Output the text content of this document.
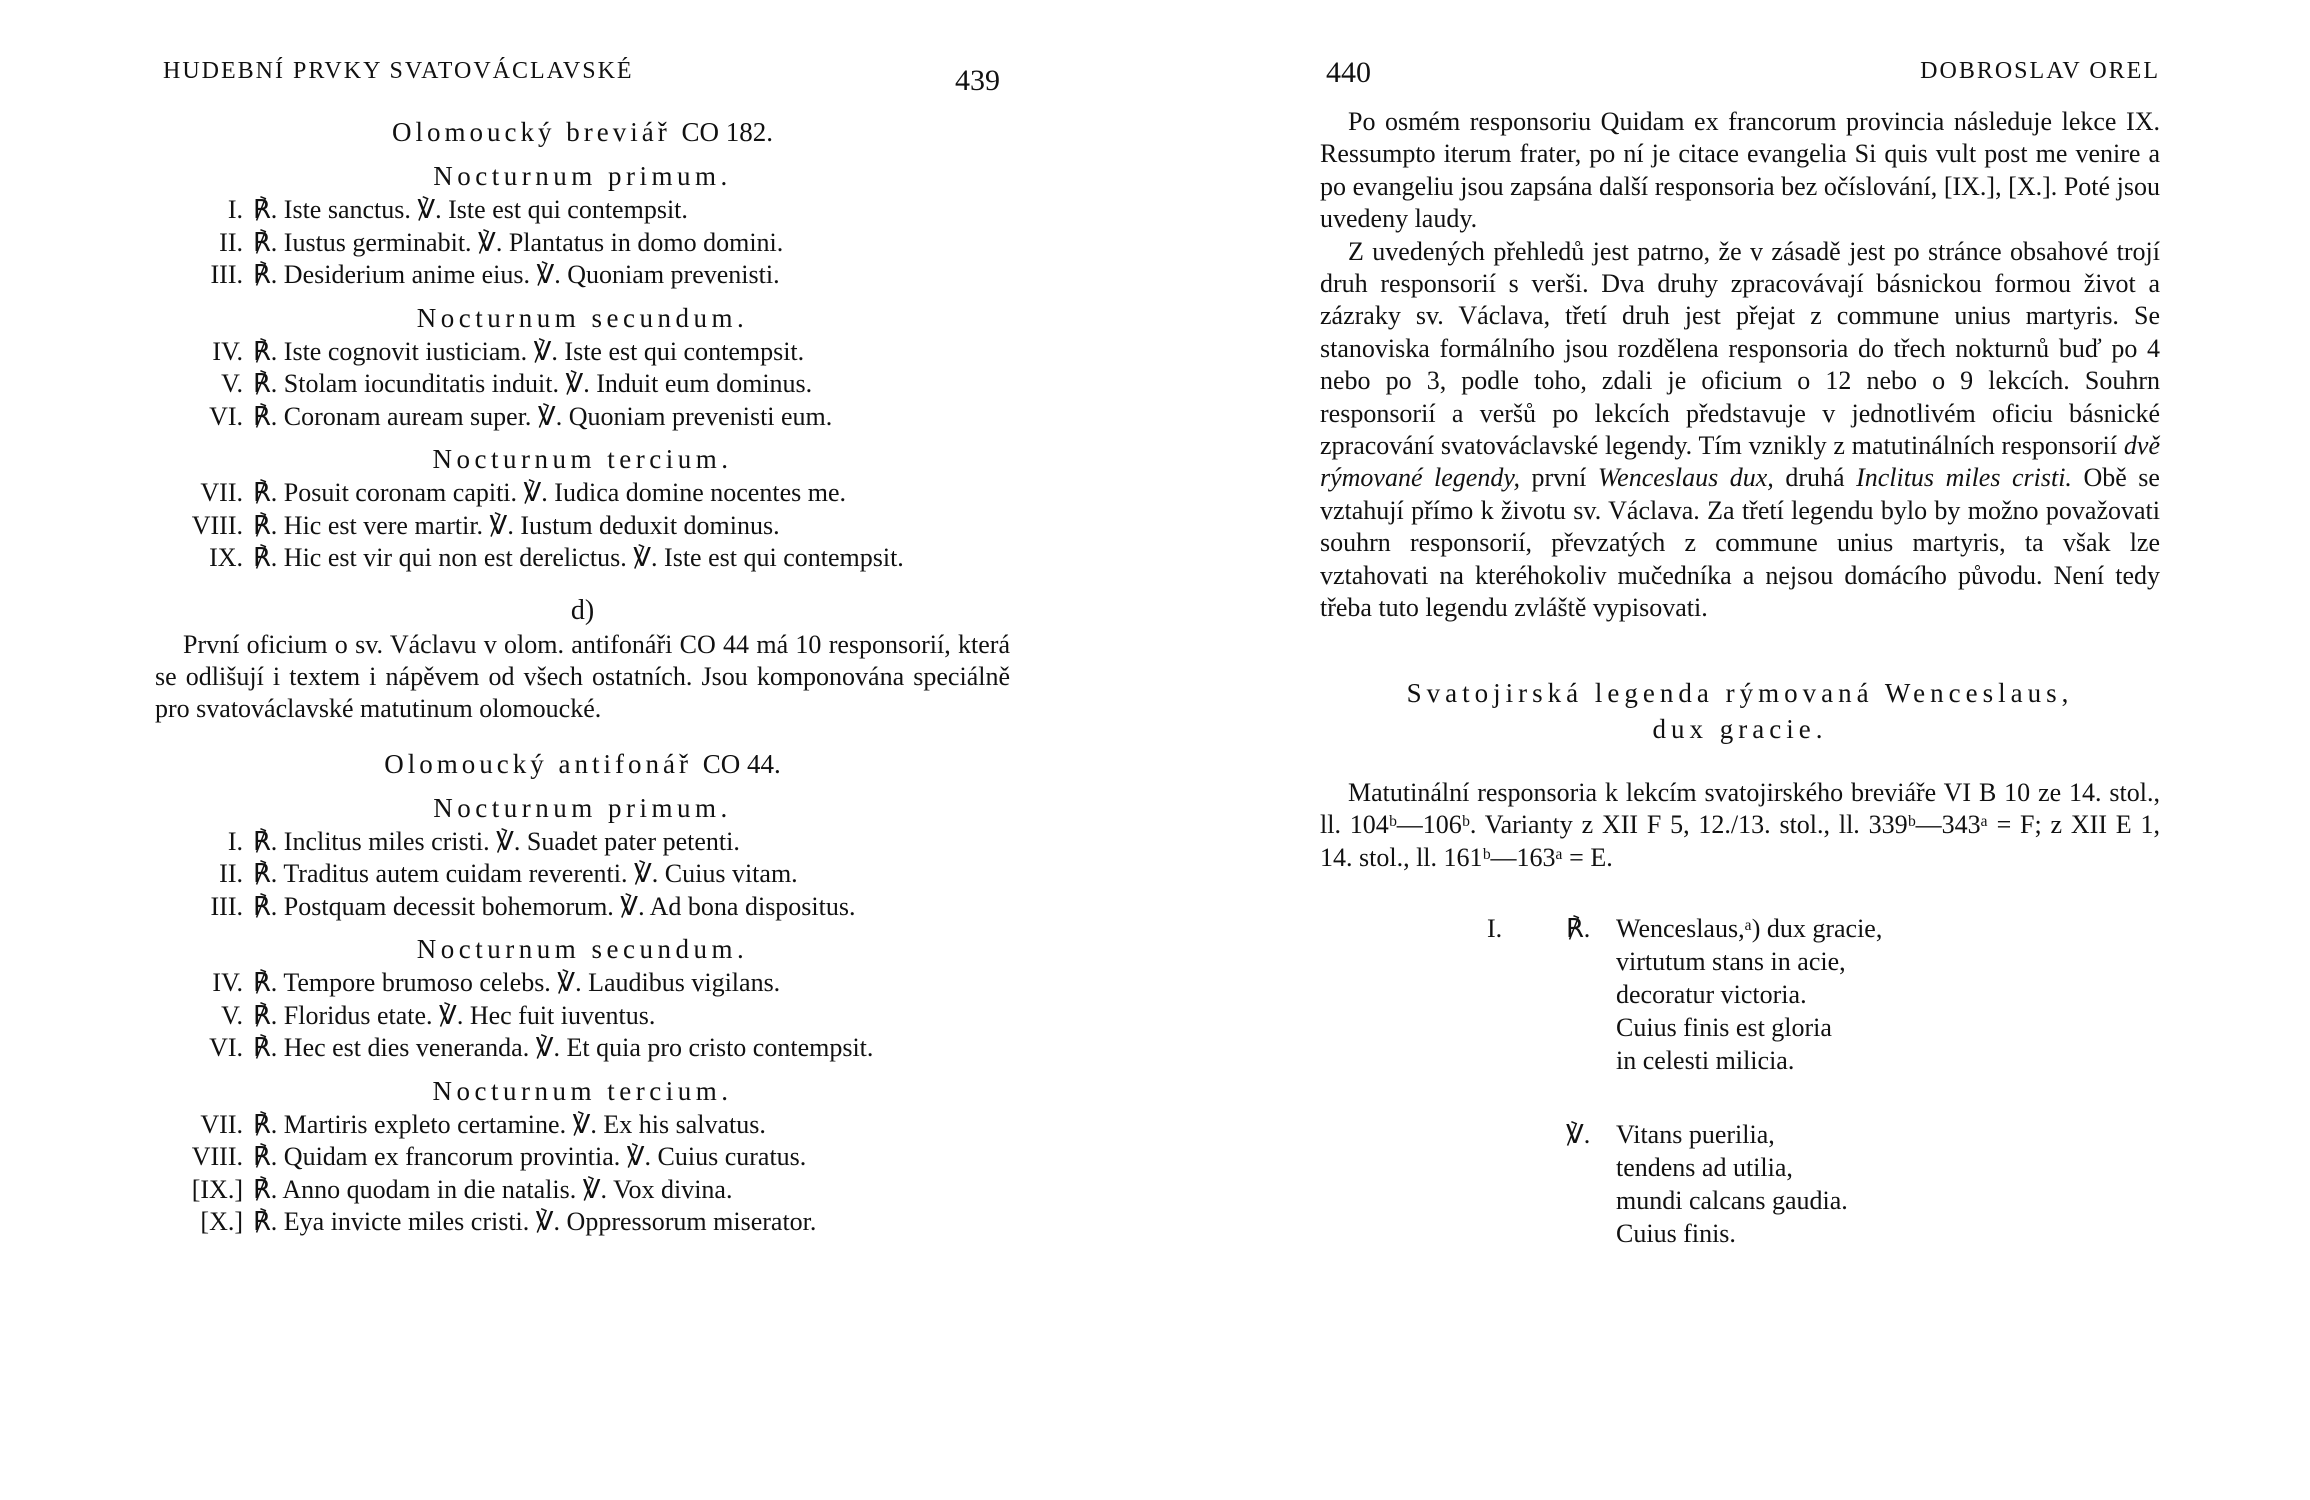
HUDEBNÍ PRVKY SVATOVÁCLAVSKÉ	439
Olomoucký breviář CO 182.
Nocturnum primum.
I. ℟. Iste sanctus. ℣. Iste est qui contempsit.
II. ℟. Iustus germinabit. ℣. Plantatus in domo domini.
III. ℟. Desiderium anime eius. ℣. Quoniam prevenisti.
Nocturnum secundum.
IV. ℟. Iste cognovit iusticiam. ℣. Iste est qui contempsit.
V. ℟. Stolam iocunditatis induit. ℣. Induit eum dominus.
VI. ℟. Coronam auream super. ℣. Quoniam prevenisti eum.
Nocturnum tercium.
VII. ℟. Posuit coronam capiti. ℣. Iudica domine nocentes me.
VIII. ℟. Hic est vere martir. ℣. Iustum deduxit dominus.
IX. ℟. Hic est vir qui non est derelictus. ℣. Iste est qui contempsit.
d)

První oficium o sv. Václavu v olom. antifonáři CO 44 má 10 responsorií, která se odlišují i textem i nápěvem od všech ostatních. Jsou komponována speciálně pro svatováclavské matutinum olomoucké.

Olomoucký antifonář CO 44.
Nocturnum primum.
I. ℟. Inclitus miles cristi. ℣. Suadet pater petenti.
II. ℟. Traditus autem cuidam reverenti. ℣. Cuius vitam.
III. ℟. Postquam decessit bohemorum. ℣. Ad bona dispositus.
Nocturnum secundum.
IV. ℟. Tempore brumoso celebs. ℣. Laudibus vigilans.
V. ℟. Floridus etate. ℣. Hec fuit iuventus.
VI. ℟. Hec est dies veneranda. ℣. Et quia pro cristo contempsit.
Nocturnum tercium.
VII. ℟. Martiris expleto certamine. ℣. Ex his salvatus.
VIII. ℟. Quidam ex francorum provintia. ℣. Cuius curatus.
[IX.] ℟. Anno quodam in die natalis. ℣. Vox divina.
[X.] ℟. Eya invicte miles cristi. ℣. Oppressorum miserator.
440	DOBROSLAV OREL

Po osmém responsoriu Quidam ex francorum provincia následuje lekce IX. Ressumpto iterum frater, po ní je citace evangelia Si quis vult post me venire a po evangeliu jsou zapsána další responsoria bez očíslování, [IX.], [X.]. Poté jsou uvedeny laudy.

Z uvedených přehledů jest patrno, že v zásadě jest po stránce obsahové trojí druh responsorií s verši. Dva druhy zpracovávají básnickou formou život a zázraky sv. Václava, třetí druh jest přejat z commune unius martyris. Se stanoviska formálního jsou rozdělena responsoria do třech nokturnů buď po 4 nebo po 3, podle toho, zdali je oficium o 12 nebo o 9 lekcích. Souhrn responsorií a veršů po lekcích představuje v jednotlivém oficiu básnické zpracování svatováclavské legendy. Tím vznikly z matutinálních responsorií dvě rýmované legendy, první Wenceslaus dux, druhá Inclitus miles cristi. Obě se vztahují přímo k životu sv. Václava. Za třetí legendu bylo by možno považovati souhrn responsorií, převzatých z commune unius martyris, ta však lze vztahovati na kteréhokoliv mučedníka a nejsou domácího původu. Není tedy třeba tuto legendu zvláště vypisovati.

Svatojirská legenda rýmovaná Wenceslaus,
dux gracie.

Matutinální responsoria k lekcím svatojirského breviáře VI B 10 ze 14. stol., ll. 104ᵇ—106ᵇ. Varianty z XII F 5, 12./13. stol., ll. 339ᵇ—343ᵃ = F; z XII E 1, 14. stol., ll. 161ᵇ—163ᵃ = E.

I. ℟. Wenceslaus,ᵃ) dux gracie,
virtutum stans in acie,
decoratur victoria.
Cuius finis est gloria
in celesti milicia.
℣. Vitans puerilia,
tendens ad utilia,
mundi calcans gaudia.
Cuius finis.
